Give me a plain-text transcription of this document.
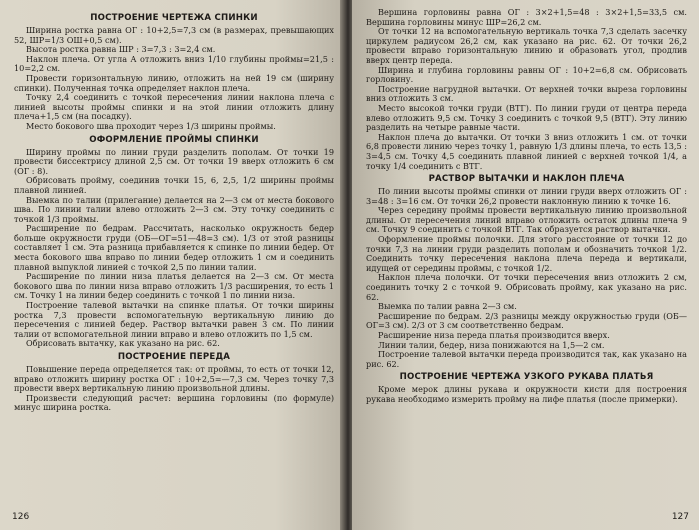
ПОСТРОЕНИЕ ЧЕРТЕЖА СПИНКИ

Ширина ростка равна ОГ : 10+2,5=7,3 см (в размерах, превышающих 52, ШР=1/3 ОШ+0,5 см).

Высота ростка равна ШР : 3=7,3 : 3=2,4 см.

Наклон плеча. От угла А отложить вниз 1/10 глубины проймы=21,5 : 10=2,2 см.

Провести горизонтальную линию, отложить на ней 19 см (ширину спинки). Полученная точка определяет наклон плеча.

Точку 2,4 соединить с точкой пересечения линии наклона плеча с линией высоты проймы спинки и на этой линии отложить длину плеча+1,5 см (на посадку).

Место бокового шва проходит через 1/3 ширины проймы.

ОФОРМЛЕНИЕ ПРОЙМЫ СПИНКИ

Ширину проймы по линии груди разделить пополам. От точки 19 провести биссектрису длиной 2,5 см. От точки 19 вверх отложить 6 см (ОГ : 8).

Обрисовать пройму, соединив точки 15, 6, 2,5, 1/2 ширины проймы плавной линией.

Выемка по талии (прилегание) делается на 2—3 см от места бокового шва. По линии талии влево отложить 2—3 см. Эту точку соединить с точкой 1/3 проймы.

Расширение по бедрам. Рассчитать, насколько окружность бедер больше окружности груди (ОБ—ОГ=51—48=3 см). 1/3 от этой разницы составляет 1 см. Эта разница прибавляется к спинке по линии бедер. От места бокового шва вправо по линии бедер отложить 1 см и соединить плавной выпуклой линией с точкой 2,5 по линии талии.

Расширение по линии низа платья делается на 2—3 см. От места бокового шва по линии низа вправо отложить 1/3 расширения, то есть 1 см. Точку 1 на линии бедер соединить с точкой 1 по линии низа.

Построение талевой вытачки на спинке платья. От точки ширины ростка 7,3 провести вспомогательную вертикальную линию до пересечения с линией бедер. Раствор вытачки равен 3 см. По линии талии от вспомогательной линии вправо и влево отложить по 1,5 см.

Обрисовать вытачку, как указано на рис. 62.

ПОСТРОЕНИЕ ПЕРЕДА

Повышение переда определяется так: от проймы, то есть от точки 12, вправо отложить ширину ростка ОГ : 10+2,5=—7,3 см. Через точку 7,3 провести вверх вертикальную линию произвольной длины.

Произвести следующий расчет: вершина горловины (по формуле) минус ширина ростка.

126

Вершина горловины равна ОГ : 3×2+1,5=48 : 3×2+1,5=33,5 см. Вершина горловины минус ШР=26,2 см.

От точки 12 на вспомогательную вертикаль точка 7,3 сделать засечку циркулем радиусом 26,2 см, как указано на рис. 62. От точки 26,2 провести вправо горизонтальную линию и образовать угол, продлив вверх центр переда.

Ширина и глубина горловины равны ОГ : 10+2=6,8 см. Обрисовать горловину.

Построение нагрудной вытачки. От верхней точки выреза горловины вниз отложить 3 см.

Место высокой точки груди (ВТГ). По линии груди от центра переда влево отложить 9,5 см. Точку 3 соединить с точкой 9,5 (ВТГ). Эту линию разделить на четыре равные части.

Наклон плеча до вытачки. От точки 3 вниз отложить 1 см. от точки 6,8 провести линию через точку 1, равную 1/3 длины плеча, то есть 13,5 : 3=4,5 см. Точку 4,5 соединить плавной линией с верхней точкой 1/4, а точку 1/4 соединить с ВТГ.

РАСТВОР ВЫТАЧКИ И НАКЛОН ПЛЕЧА

По линии высоты проймы спинки от линии груди вверх отложить ОГ : 3=48 : 3=16 см. От точки 26,2 провести наклонную линию к точке 16.

Через середину проймы провести вертикальную линию произвольной длины. От пересечения линий вправо отложить остаток длины плеча 9 см. Точку 9 соединить с точкой ВТГ. Так образуется раствор вытачки.

Оформление проймы полочки. Для этого расстояние от точки 12 до точки 7,3 на линии груди разделить пополам и обозначить точкой 1/2. Соединить точку пересечения наклона плеча переда и вертикали, идущей от середины проймы, с точкой 1/2.

Наклон плеча полочки. От точки пересечения вниз отложить 2 см, соединить точку 2 с точкой 9. Обрисовать пройму, как указано на рис. 62.

Выемка по талии равна 2—3 см.

Расширение по бедрам. 2/3 разницы между окружностью груди (ОБ—ОГ=3 см). 2/3 от 3 см соответственно бедрам.

Расширение низа переда платья производится вверх.

Линии талии, бедер, низа понижаются на 1,5—2 см.

Построение талевой вытачки переда производится так, как указано на рис. 62.

ПОСТРОЕНИЕ ЧЕРТЕЖА УЗКОГО РУКАВА ПЛАТЬЯ

Кроме мерок длины рукава и окружности кисти для построения рукава необходимо измерить пройму на лифе платья (после примерки).

127
